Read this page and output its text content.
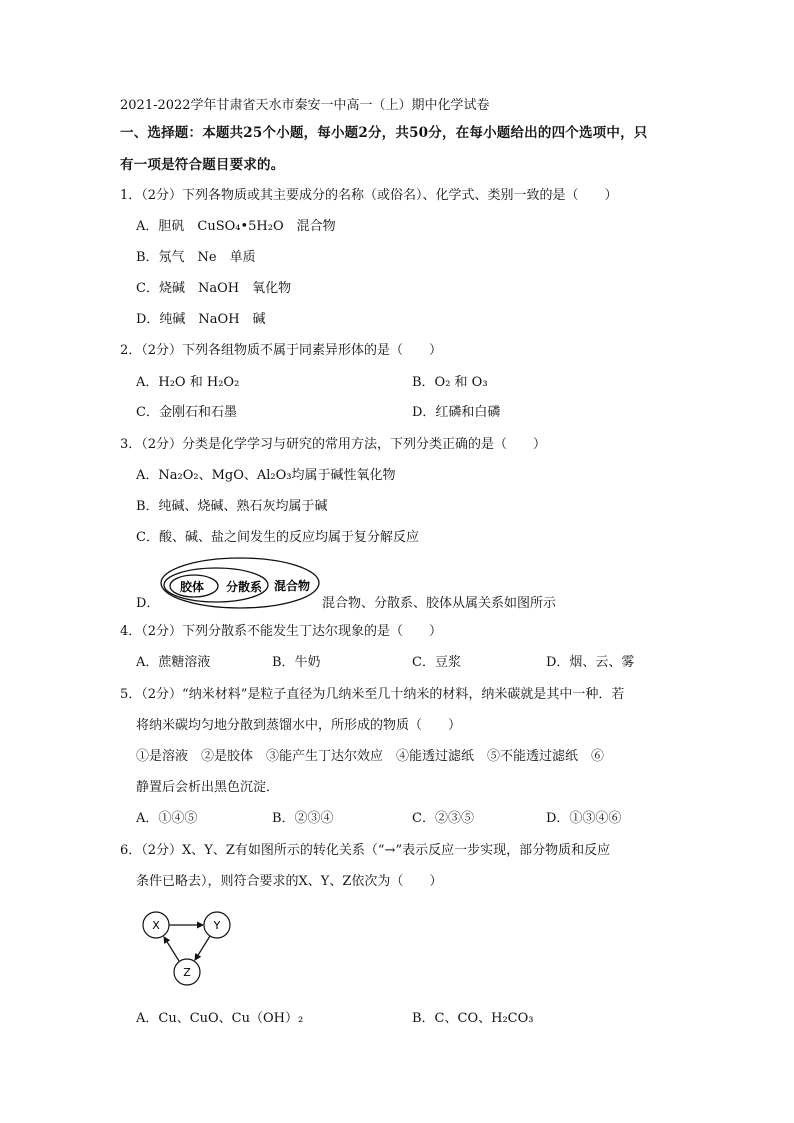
2021-2022学年甘肃省天水市秦安一中高一（上）期中化学试卷
一、选择题：本题共25个小题，每小题2分，共50分，在每小题给出的四个选项中，只
有一项是符合题目要求的。
1．（2分）下列各物质或其主要成分的名称（或俗名）、化学式、类别一致的是（　　）
A．胆矾　CuSO₄•5H₂O　混合物
B．氖气　Ne　单质
C．烧碱　NaOH　氧化物
D．纯碱　NaOH　碱
2．（2分）下列各组物质不属于同素异形体的是（　　）
A．H₂O 和 H₂O₂	B．O₂ 和 O₃
C．金刚石和石墨	D．红磷和白磷
3．（2分）分类是化学学习与研究的常用方法，下列分类正确的是（　　）
A．Na₂O₂、MgO、Al₂O₃均属于碱性氧化物
B．纯碱、烧碱、熟石灰均属于碱
C．酸、碱、盐之间发生的反应均属于复分解反应
D．
胶体 分散系 混合物
混合物、分散系、胶体从属关系如图所示
4．（2分）下列分散系不能发生丁达尔现象的是（　　）
A．蔗糖溶液	B．牛奶	C．豆浆	D．烟、云、雾
5．（2分）“纳米材料”是粒子直径为几纳米至几十纳米的材料，纳米碳就是其中一种．若
将纳米碳均匀地分散到蒸馏水中，所形成的物质（　　）
①是溶液　②是胶体　③能产生丁达尔效应　④能透过滤纸　⑤不能透过滤纸　⑥
静置后会析出黑色沉淀．
A．①④⑤	B．②③④	C．②③⑤	D．①③④⑥
6．（2分）X、Y、Z有如图所示的转化关系（“→”表示反应一步实现，部分物质和反应
条件已略去），则符合要求的X、Y、Z依次为（　　）
X	Y
Z
A．Cu、CuO、Cu（OH）₂	B．C、CO、H₂CO₃
